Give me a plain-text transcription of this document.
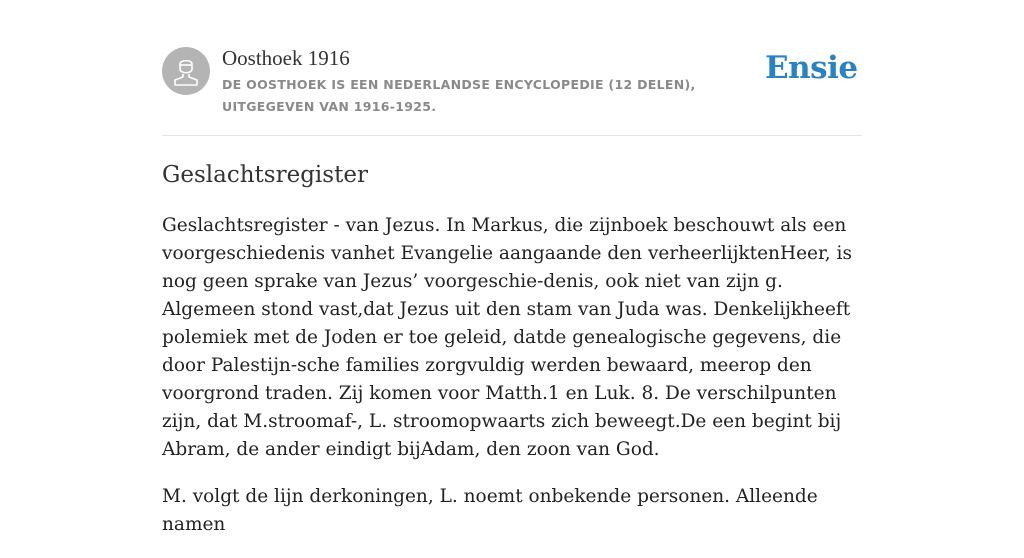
Oosthoek 1916
DE OOSTHOEK IS EEN NEDERLANDSE ENCYCLOPEDIE (12 DELEN), UITGEGEVEN VAN 1916-1925.
Ensie
Geslachtsregister

Geslachtsregister - van Jezus. In Markus, die zijnboek beschouwt als een voorgeschiedenis vanhet Evangelie aangaande den verheerlijktenHeer, is nog geen sprake van Jezus’ voorgeschie-denis, ook niet van zijn g. Algemeen stond vast,dat Jezus uit den stam van Juda was. Denkelijkheeft polemiek met de Joden er toe geleid, datde genealogische gegevens, die door Palestijn-sche families zorgvuldig werden bewaard, meerop den voorgrond traden. Zij komen voor Matth.1 en Luk. 8. De verschilpunten zijn, dat M.stroomaf-, L. stroomopwaarts zich beweegt.De een begint bij Abram, de ander eindigt bijAdam, den zoon van God.

M. volgt de lijn derkoningen, L. noemt onbekende personen. Alleende namen
